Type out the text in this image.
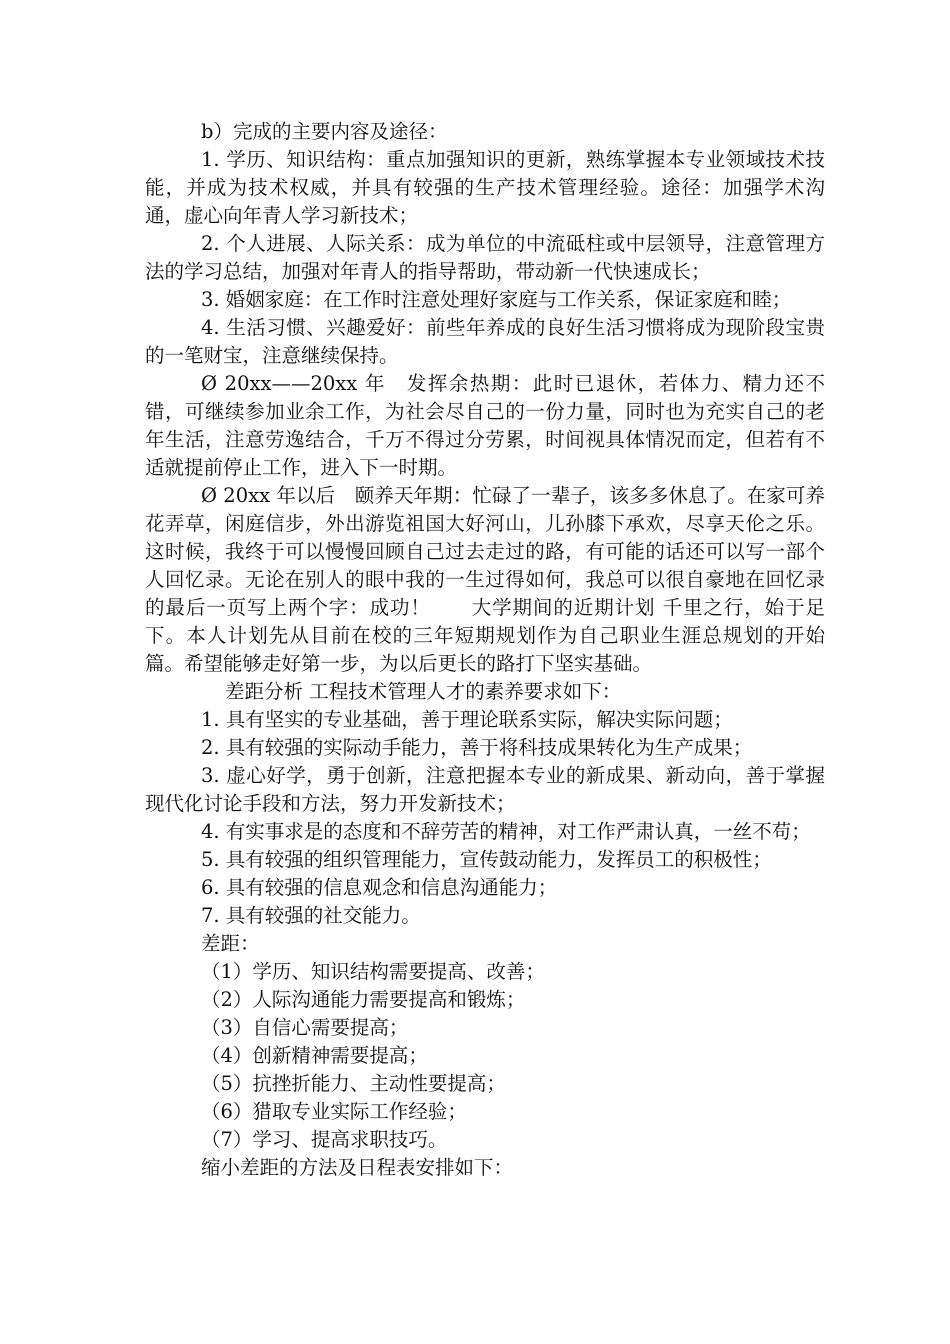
b）完成的主要内容及途径：

1. 学历、知识结构：重点加强知识的更新，熟练掌握本专业领域技术技能，并成为技术权威，并具有较强的生产技术管理经验。途径：加强学术沟通，虚心向年青人学习新技术；

2. 个人进展、人际关系：成为单位的中流砥柱或中层领导，注意管理方法的学习总结，加强对年青人的指导帮助，带动新一代快速成长；

3. 婚姻家庭：在工作时注意处理好家庭与工作关系，保证家庭和睦；

4. 生活习惯、兴趣爱好：前些年养成的良好生活习惯将成为现阶段宝贵的一笔财宝，注意继续保持。

Ø 20xx——20xx 年　发挥余热期：此时已退休，若体力、精力还不错，可继续参加业余工作，为社会尽自己的一份力量，同时也为充实自己的老年生活，注意劳逸结合，千万不得过分劳累，时间视具体情况而定，但若有不适就提前停止工作，进入下一时期。

Ø 20xx 年以后　颐养天年期：忙碌了一辈子，该多多休息了。在家可养花弄草，闲庭信步，外出游览祖国大好河山，儿孙膝下承欢，尽享天伦之乐。这时候，我终于可以慢慢回顾自己过去走过的路，有可能的话还可以写一部个人回忆录。无论在别人的眼中我的一生过得如何，我总可以很自豪地在回忆录的最后一页写上两个字：成功！　　大学期间的近期计划 千里之行，始于足下。本人计划先从目前在校的三年短期规划作为自己职业生涯总规划的开始篇。希望能够走好第一步，为以后更长的路打下坚实基础。

差距分析 工程技术管理人才的素养要求如下：

1. 具有坚实的专业基础，善于理论联系实际，解决实际问题；

2. 具有较强的实际动手能力，善于将科技成果转化为生产成果；

3. 虚心好学，勇于创新，注意把握本专业的新成果、新动向，善于掌握现代化讨论手段和方法，努力开发新技术；

4. 有实事求是的态度和不辞劳苦的精神，对工作严肃认真，一丝不苟；

5. 具有较强的组织管理能力，宣传鼓动能力，发挥员工的积极性；

6. 具有较强的信息观念和信息沟通能力；

7. 具有较强的社交能力。

差距：

（1）学历、知识结构需要提高、改善；

（2）人际沟通能力需要提高和锻炼；

（3）自信心需要提高；

（4）创新精神需要提高；

（5）抗挫折能力、主动性要提高；

（6）猎取专业实际工作经验；

（7）学习、提高求职技巧。

缩小差距的方法及日程表安排如下：
